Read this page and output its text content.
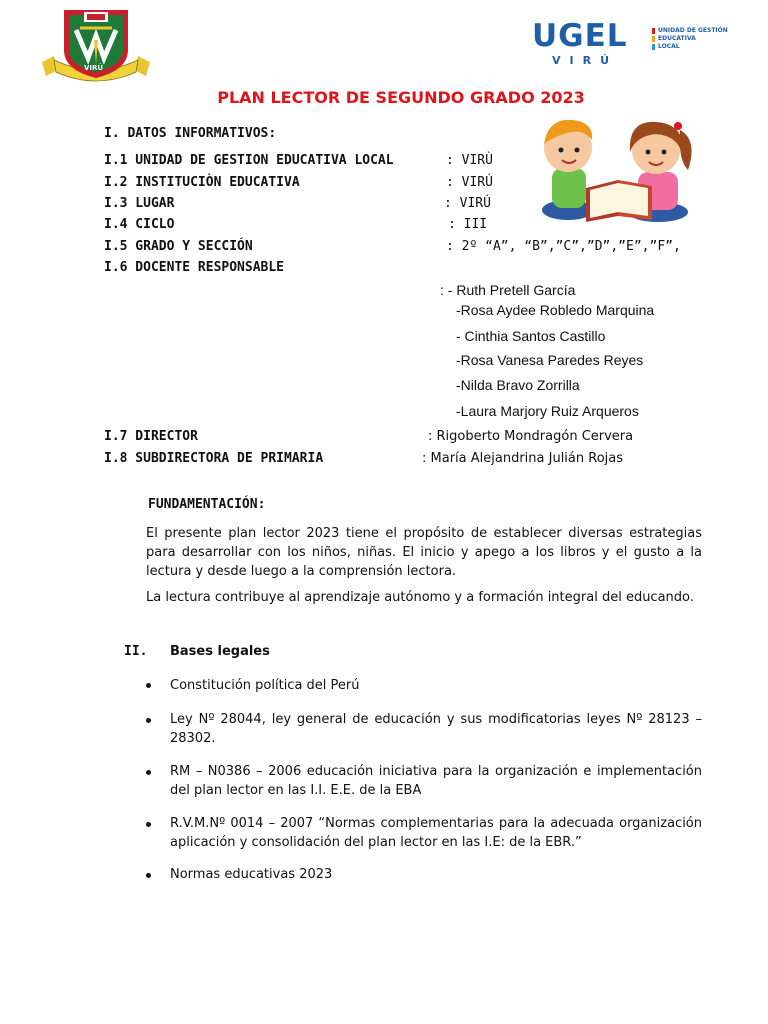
VIRÚ
UGEL
VIRÚ
UNIDAD DE GESTIÓN
EDUCATIVA
LOCAL
PLAN LECTOR DE SEGUNDO GRADO 2023
I. DATOS INFORMATIVOS:
I.1 UNIDAD DE GESTION EDUCATIVA LOCAL	: VIRÙ
I.2 INSTITUCIÒN EDUCATIVA	: VIRÚ
I.3 LUGAR	: VIRÚ
I.4 CICLO	: III
I.5 GRADO Y SECCIÓN	: 2º “A”, “B”,”C”,”D”,”E”,”F”,
I.6 DOCENTE RESPONSABLE
: - Ruth Pretell García
-Rosa Aydee Robledo Marquina
- Cinthia Santos Castillo
-Rosa Vanesa Paredes Reyes
-Nilda Bravo Zorrilla
-Laura Marjory Ruiz Arqueros
I.7 DIRECTOR	: Rigoberto Mondragón Cervera
I.8 SUBDIRECTORA DE PRIMARIA	: María Alejandrina Julián Rojas
FUNDAMENTACIÓN:
El presente plan lector 2023 tiene el propósito de establecer diversas estrategias
para desarrollar con los niños, niñas. El inicio y apego a los libros y el gusto a la
lectura y desde luego a la comprensión lectora.
La lectura contribuye al aprendizaje autónomo y a formación integral del educando.
II. Bases legales
Constitución política del Perú
Ley Nº 28044, ley general de educación y sus modificatorias leyes Nº 28123 –
28302.
RM – N0386 – 2006 educación iniciativa para la organización e implementación
del plan lector en las I.I. E.E. de la EBA
R.V.M.Nº 0014 – 2007 “Normas complementarias para la adecuada organización
aplicación y consolidación del plan lector en las I.E: de la EBR.”
Normas educativas 2023
